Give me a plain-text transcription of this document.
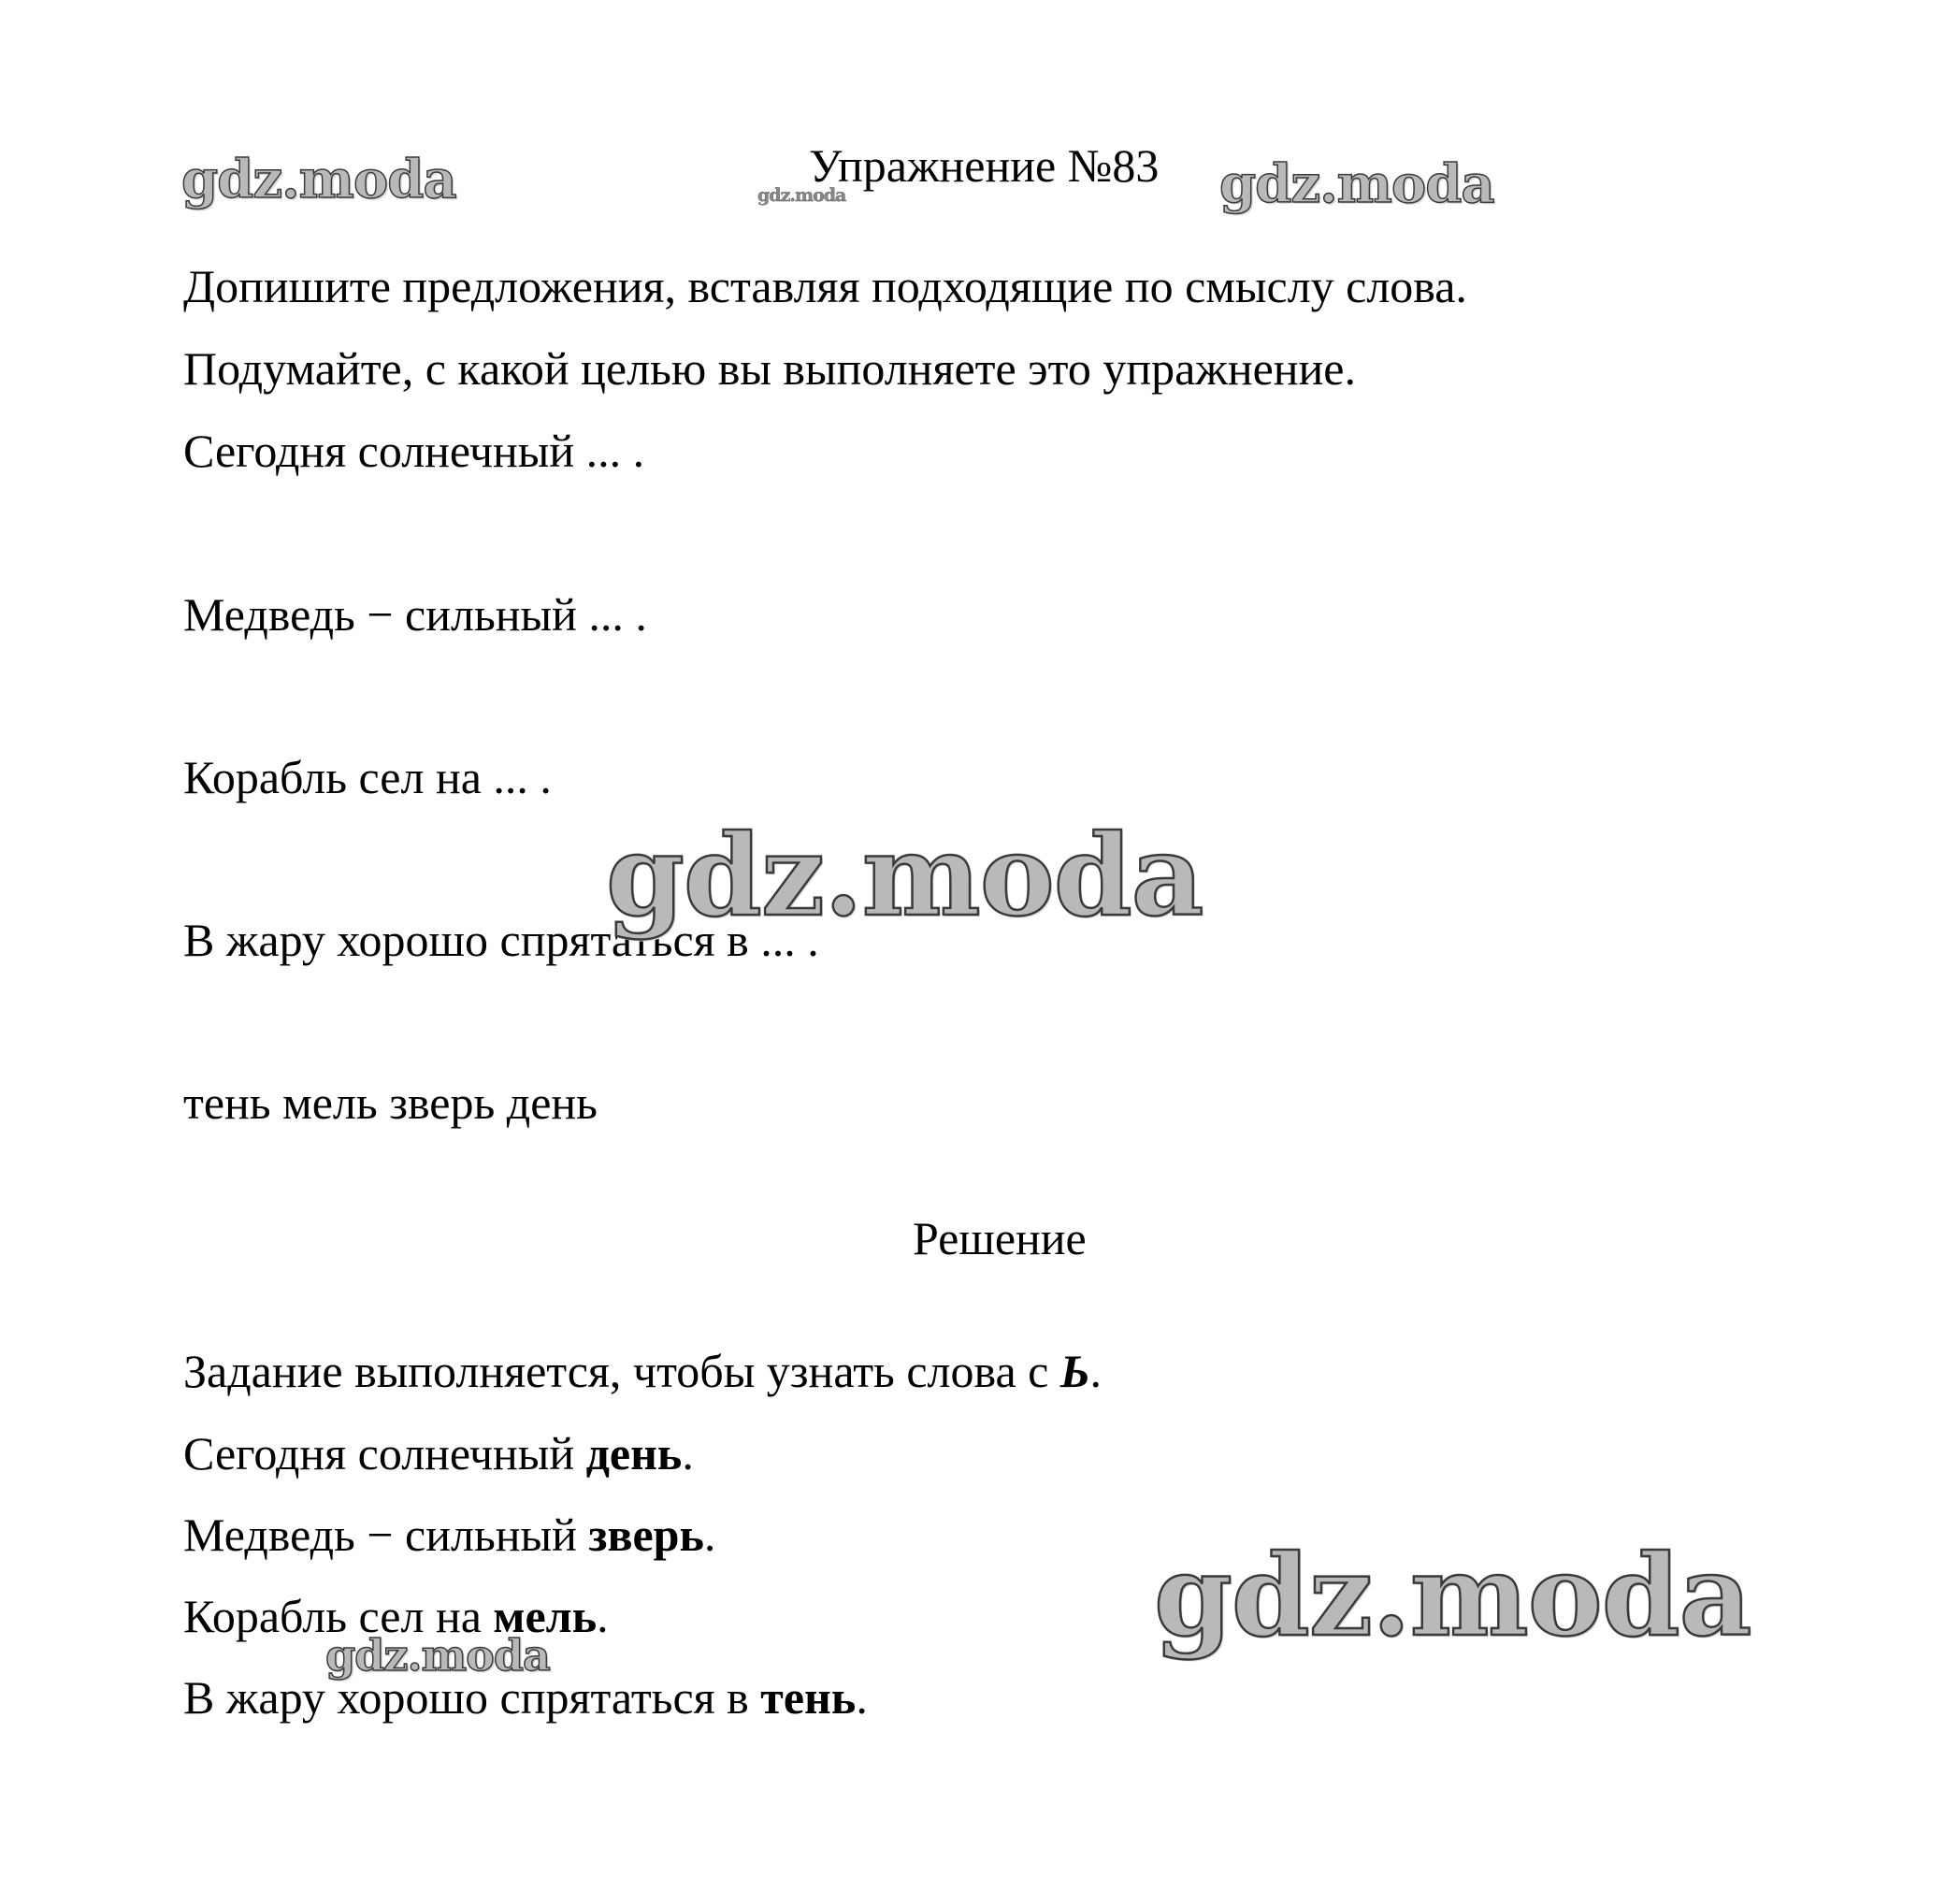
gdz.moda	gdz.moda
gdz.moda
Упражнение №83
Допишите предложения, вставляя подходящие по смыслу слова.
Подумайте, с какой целью вы выполняете это упражнение.
Сегодня солнечный ... .
Медведь − сильный ... .
Корабль сел на ... .
В жару хорошо спрятаться в ... .
тень мель зверь день
Решение
Задание выполняется, чтобы узнать слова с Ь.
Сегодня солнечный день.
Медведь − сильный зверь.
Корабль сел на мель.
В жару хорошо спрятаться в тень.
gdz.moda
gdz.moda
gdz.moda
